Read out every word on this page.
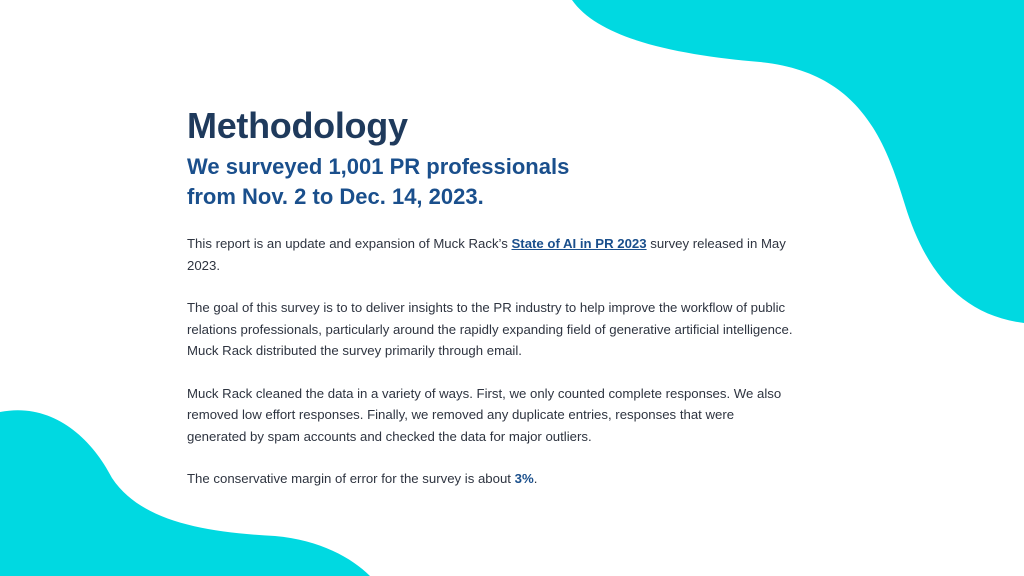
Methodology
We surveyed 1,001 PR professionals
from Nov. 2 to Dec. 14, 2023.

This report is an update and expansion of Muck Rack’s State of AI in PR 2023 survey released in May 2023.

The goal of this survey is to to deliver insights to the PR industry to help improve the workflow of public relations professionals, particularly around the rapidly expanding field of generative artificial intelligence. Muck Rack distributed the survey primarily through email.

Muck Rack cleaned the data in a variety of ways. First, we only counted complete responses. We also removed low effort responses. Finally, we removed any duplicate entries, responses that were generated by spam accounts and checked the data for major outliers.

The conservative margin of error for the survey is about 3%.
